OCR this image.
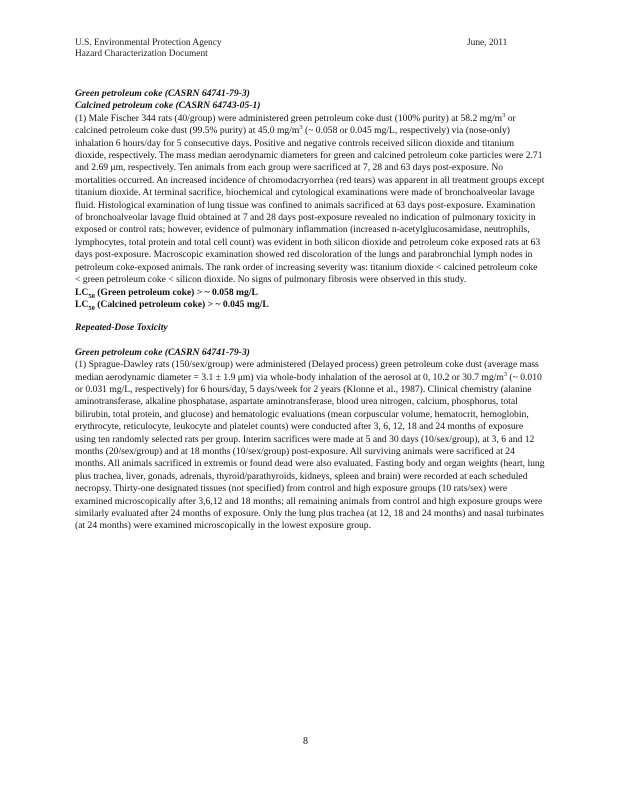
U.S. Environmental Protection Agency
Hazard Characterization Document
June, 2011
Green petroleum coke (CASRN 64741-79-3)
Calcined petroleum coke (CASRN 64743-05-1)
(1) Male Fischer 344 rats (40/group) were administered green petroleum coke dust (100% purity) at 58.2 $mg/m^3$ or calcined petroleum coke dust (99.5% purity) at 45.0 $mg/m^3$ (~ 0.058 or 0.045 mg/L, respectively) via (nose-only) inhalation 6 hours/day for 5 consecutive days. Positive and negative controls received silicon dioxide and titanium dioxide, respectively. The mass median aerodynamic diameters for green and calcined petroleum coke particles were 2.71 and 2.69 μm, respectively. Ten animals from each group were sacrificed at 7, 28 and 63 days post-exposure. No mortalities occurred. An increased incidence of chromodacryorrhea (red tears) was apparent in all treatment groups except titanium dioxide. At terminal sacrifice, biochemical and cytological examinations were made of bronchoalveolar lavage fluid. Histological examination of lung tissue was confined to animals sacrificed at 63 days post-exposure. Examination of bronchoalveolar lavage fluid obtained at 7 and 28 days post-exposure revealed no indication of pulmonary toxicity in exposed or control rats; however, evidence of pulmonary inflammation (increased n-acetylglucosamidase, neutrophils, lymphocytes, total protein and total cell count) was evident in both silicon dioxide and petroleum coke exposed rats at 63 days post-exposure. Macroscopic examination showed red discoloration of the lungs and parabronchial lymph nodes in petroleum coke-exposed animals. The rank order of increasing severity was: titanium dioxide < calcined petroleum coke < green petroleum coke < silicon dioxide. No signs of pulmonary fibrosis were observed in this study.
$LC_{50}$ (Green petroleum coke) > ~ 0.058 mg/L
$LC_{50}$ (Calcined petroleum coke) > ~ 0.045 mg/L
Repeated-Dose Toxicity
Green petroleum coke (CASRN 64741-79-3)
(1) Sprague-Dawley rats (150/sex/group) were administered (Delayed process) green petroleum coke dust (average mass median aerodynamic diameter = 3.1 ± 1.9 μm) via whole-body inhalation of the aerosol at 0, 10.2 or 30.7 $mg/m^3$ (~ 0.010 or 0.031 mg/L, respectively) for 6 hours/day, 5 days/week for 2 years (Klonne et al., 1987). Clinical chemistry (alanine aminotransferase, alkaline phosphatase, aspartate aminotransferase, blood urea nitrogen, calcium, phosphorus, total bilirubin, total protein, and glucose) and hematologic evaluations (mean corpuscular volume, hematocrit, hemoglobin, erythrocyte, reticulocyte, leukocyte and platelet counts) were conducted after 3, 6, 12, 18 and 24 months of exposure using ten randomly selected rats per group. Interim sacrifices were made at 5 and 30 days (10/sex/group), at 3, 6 and 12 months (20/sex/group) and at 18 months (10/sex/group) post-exposure. All surviving animals were sacrificed at 24 months. All animals sacrificed in extremis or found dead were also evaluated. Fasting body and organ weights (heart, lung plus trachea, liver, gonads, adrenals, thyroid/parathyroids, kidneys, spleen and brain) were recorded at each scheduled necropsy. Thirty-one designated tissues (not specified) from control and high exposure groups (10 rats/sex) were examined microscopically after 3,6,12 and 18 months; all remaining animals from control and high exposure groups were similarly evaluated after 24 months of exposure. Only the lung plus trachea (at 12, 18 and 24 months) and nasal turbinates (at 24 months) were examined microscopically in the lowest exposure group.
8
